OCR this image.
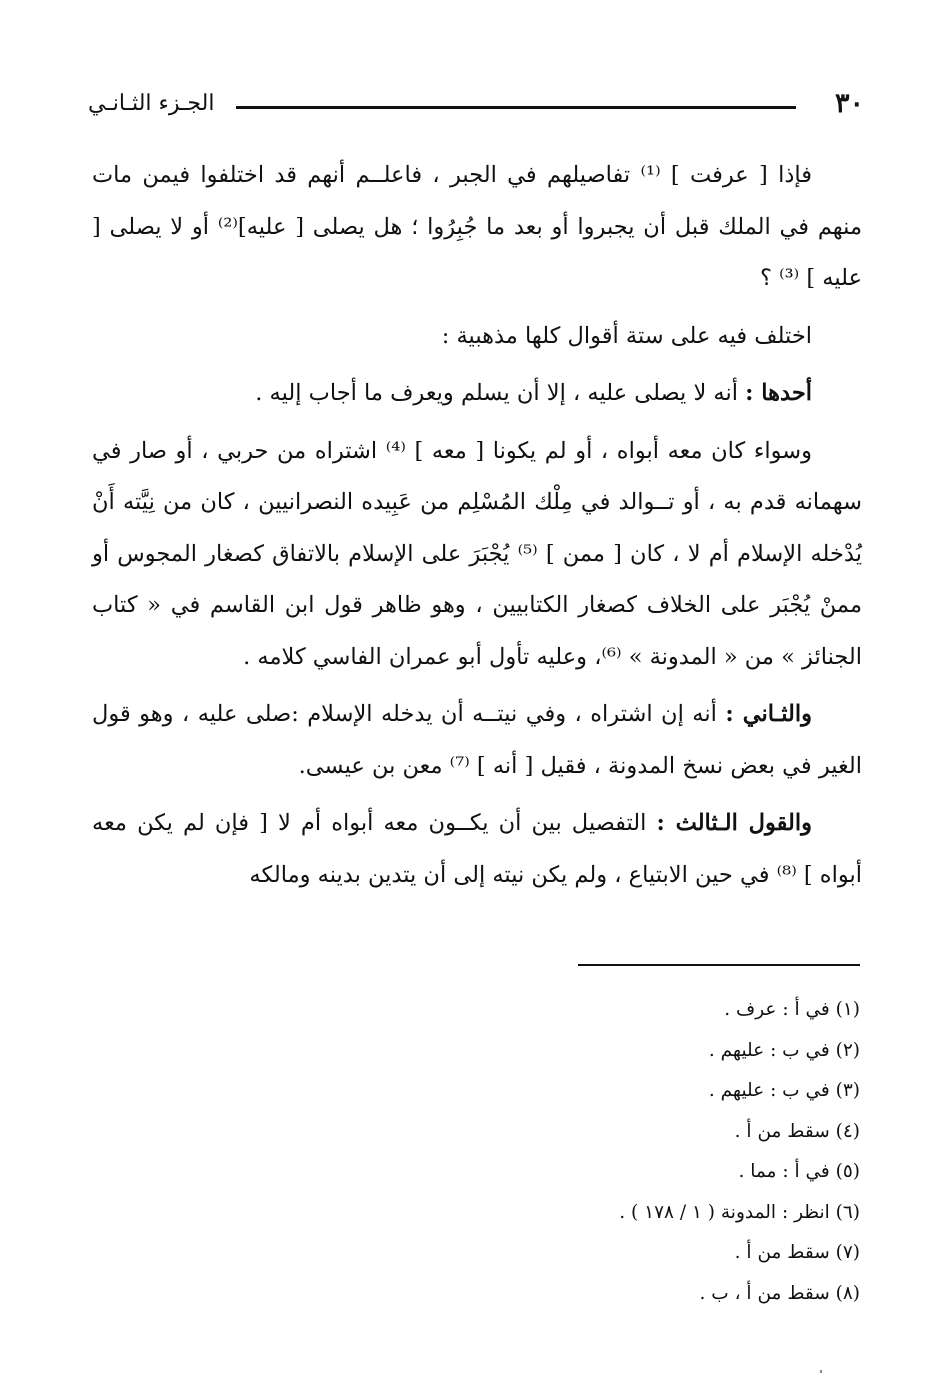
٣٠
الجـزء الثـانـي

فإذا [ عرفت ] ⁽¹⁾ تفاصيلهم في الجبر ، فاعلــم أنهم قد اختلفوا فيمن مات منهم في الملك قبل أن يجبروا أو بعد ما جُبِرُوا ؛ هل يصلى [ عليه]⁽²⁾ أو لا يصلى [ عليه ] ⁽³⁾ ؟

اختلف فيه على ستة أقوال كلها مذهبية :

أحدها : أنه لا يصلى عليه ، إلا أن يسلم ويعرف ما أجاب إليه .

وسواء كان معه أبواه ، أو لم يكونا [ معه ] ⁽⁴⁾ اشتراه من حربي ، أو صار في سهمانه قدم به ، أو تــوالد في مِلْك المُسْلِم من عَبِيده النصرانيين ، كان من نِيَّته أَنْ يُدْخله الإسلام أم لا ، كان [ ممن ] ⁽⁵⁾ يُجْبَرَ على الإسلام بالاتفاق كصغار المجوس أو ممنْ يُجْبَر على الخلاف كصغار الكتابيين ، وهو ظاهر قول ابن القاسم في « كتاب الجنائز » من « المدونة » ⁽⁶⁾، وعليه تأول أبو عمران الفاسي كلامه .

والثـاني : أنه إن اشتراه ، وفي نيتــه أن يدخله الإسلام :صلى عليه ، وهو قول الغير في بعض نسخ المدونة ، فقيل [ أنه ] ⁽⁷⁾ معن بن عيسى.

والقول الـثالث : التفصيل بين أن يكــون معه أبواه أم لا [ فإن لم يكن معه أبواه ] ⁽⁸⁾ في حين الابتياع ، ولم يكن نيته إلى أن يتدين بدينه ومالكه

(١) في أ : عرف .
(٢) في ب : عليهم .
(٣) في ب : عليهم .
(٤) سقط من أ .
(٥) في أ : مما .
(٦) انظر : المدونة ( ١ / ١٧٨ ) .
(٧) سقط من أ .
(٨) سقط من أ ، ب .
